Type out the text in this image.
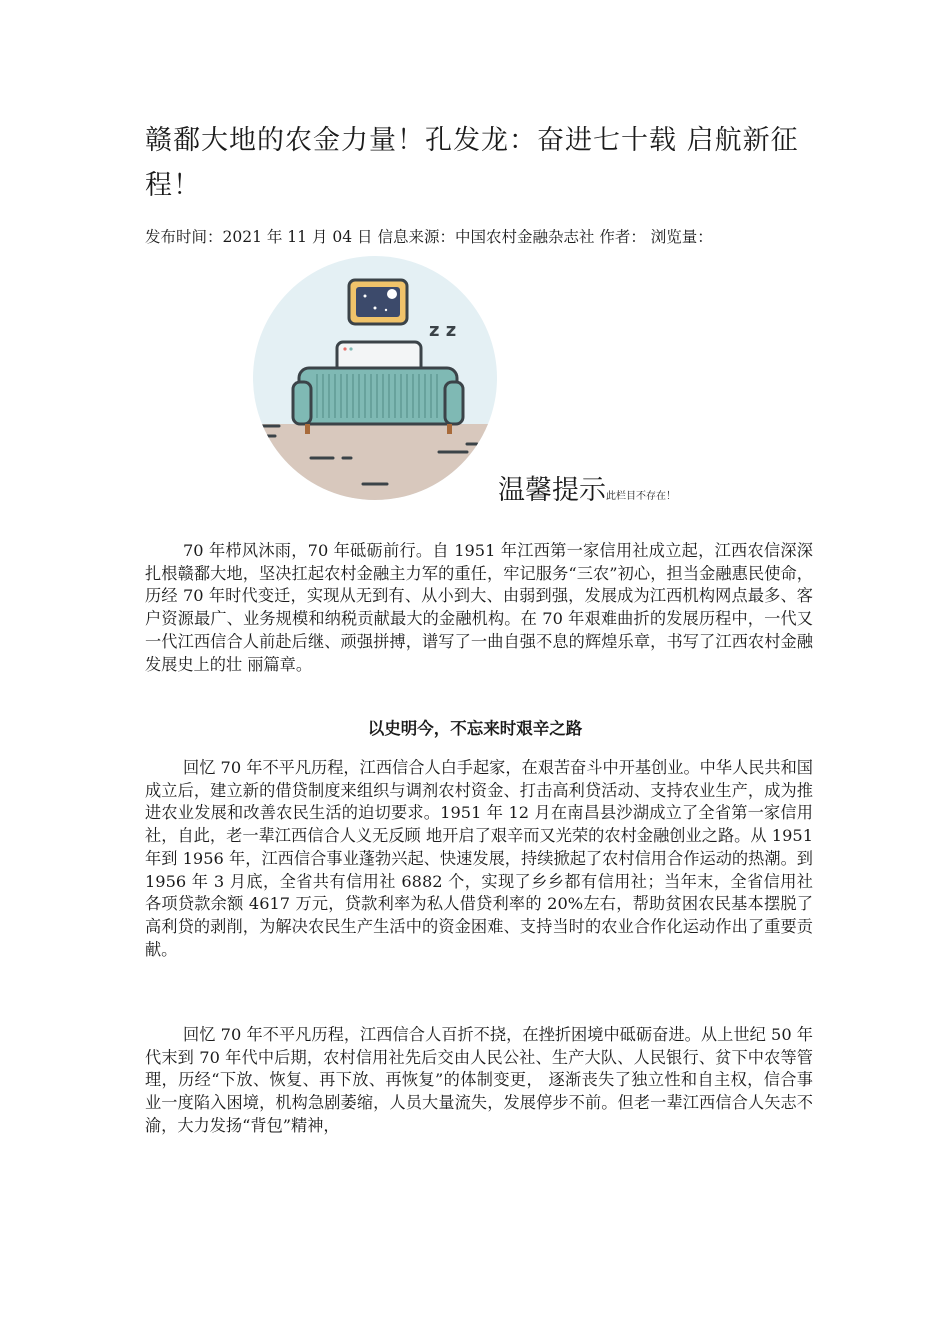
赣鄱大地的农金力量！孔发龙：奋进七十载 启航新征程！
发布时间：2021 年 11 月 04 日 信息来源：中国农村金融杂志社 作者： 浏览量：
z z
温馨提示此栏目不存在！

70 年栉风沐雨，70 年砥砺前行。自 1951 年江西第一家信用社成立起，江西农信深深扎根赣鄱大地，坚决扛起农村金融主力军的重任，牢记服务“三农”初心，担当金融惠民使命，历经 70 年时代变迁，实现从无到有、从小到大、由弱到强，发展成为江西机构网点最多、客户资源最广、业务规模和纳税贡献最大的金融机构。在 70 年艰难曲折的发展历程中，一代又一代江西信合人前赴后继、顽强拼搏，谱写了一曲自强不息的辉煌乐章，书写了江西农村金融发展史上的壮 丽篇章。

以史明今，不忘来时艰辛之路

回忆 70 年不平凡历程，江西信合人白手起家，在艰苦奋斗中开基创业。中华人民共和国成立后，建立新的借贷制度来组织与调剂农村资金、打击高利贷活动、支持农业生产，成为推进农业发展和改善农民生活的迫切要求。1951 年 12 月在南昌县沙湖成立了全省第一家信用社，自此，老一辈江西信合人义无反顾 地开启了艰辛而又光荣的农村金融创业之路。从 1951 年到 1956 年，江西信合事业蓬勃兴起、快速发展，持续掀起了农村信用合作运动的热潮。到 1956 年 3 月底，全省共有信用社 6882 个，实现了乡乡都有信用社；当年末，全省信用社各项贷款余额 4617 万元，贷款利率为私人借贷利率的 20%左右，帮助贫困农民基本摆脱了高利贷的剥削，为解决农民生产生活中的资金困难、支持当时的农业合作化运动作出了重要贡献。

回忆 70 年不平凡历程，江西信合人百折不挠，在挫折困境中砥砺奋进。从上世纪 50 年代末到 70 年代中后期，农村信用社先后交由人民公社、生产大队、人民银行、贫下中农等管理，历经“下放、恢复、再下放、再恢复”的体制变更， 逐渐丧失了独立性和自主权，信合事业一度陷入困境，机构急剧萎缩，人员大量流失，发展停步不前。但老一辈江西信合人矢志不渝，大力发扬“背包”精神，
